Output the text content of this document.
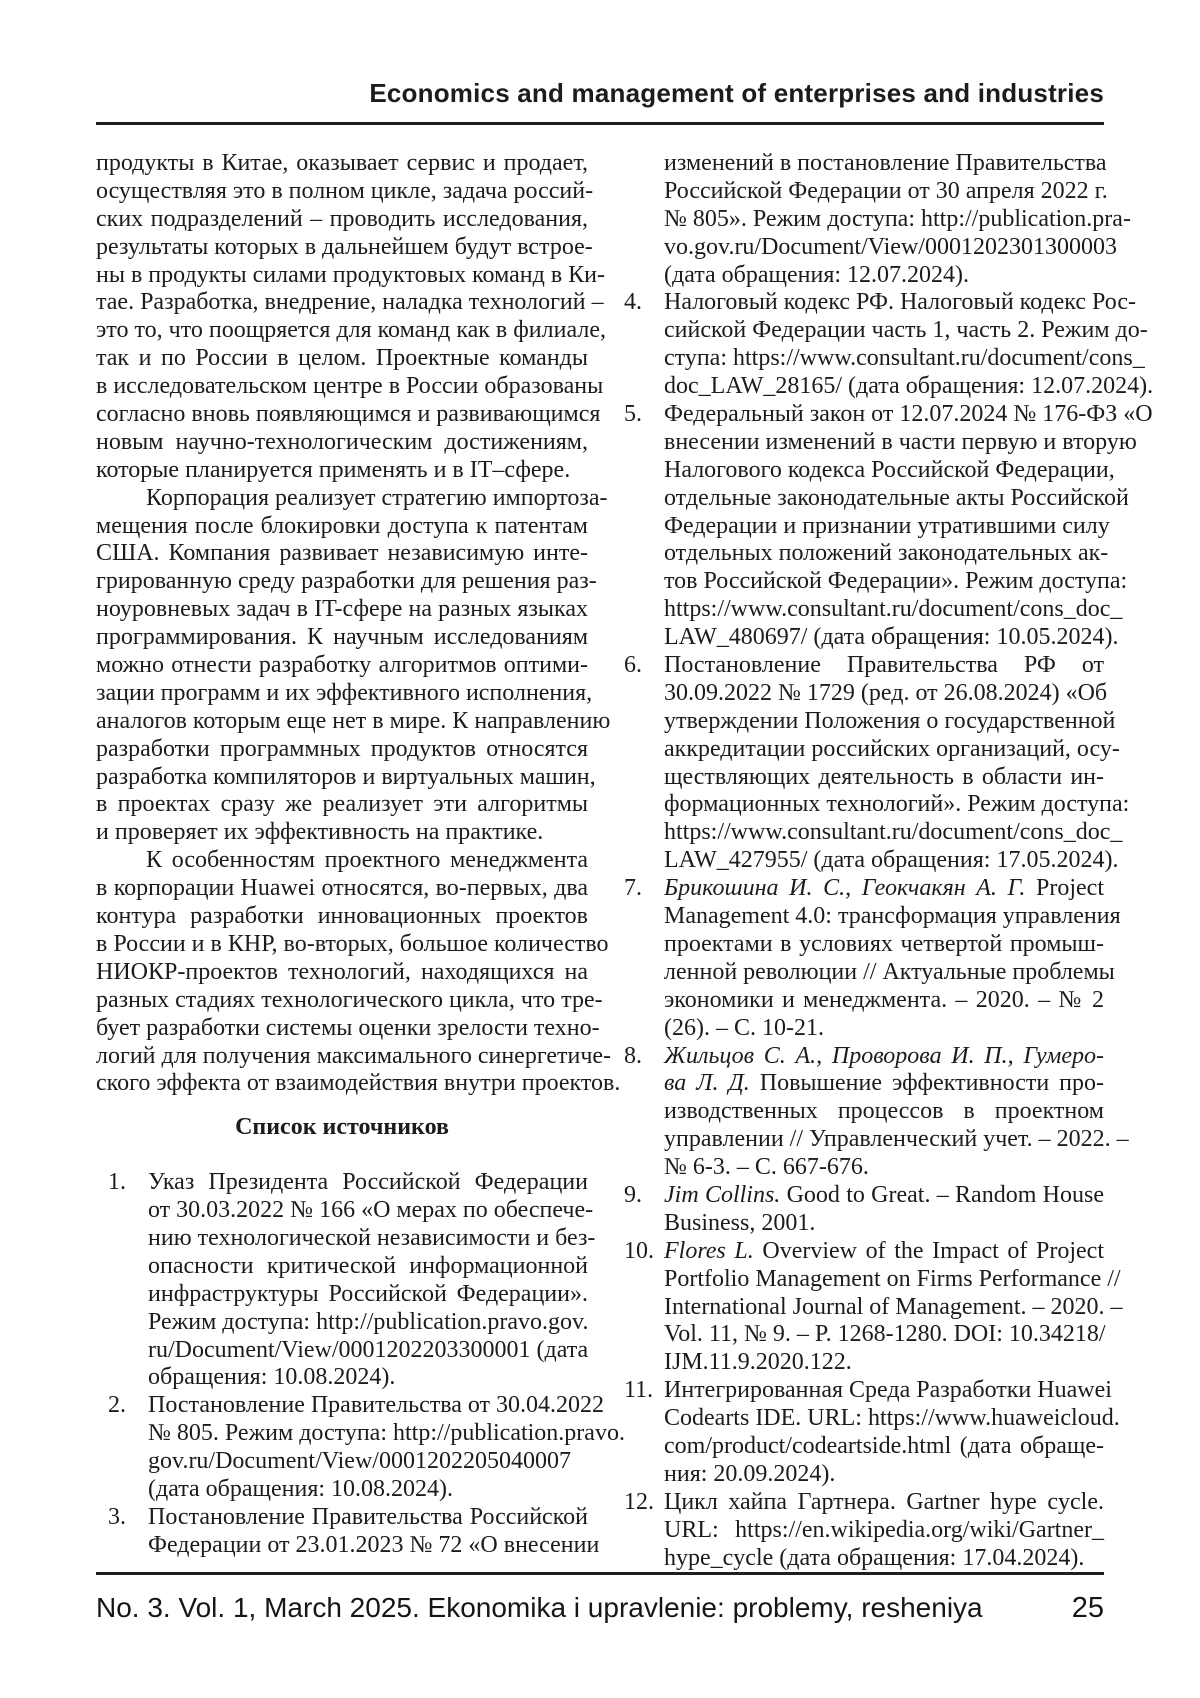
Economics and management of enterprises and industries
продукты в Китае, оказывает сервис и продает,
осуществляя это в полном цикле, задача россий-
ских подразделений – проводить исследования,
результаты которых в дальнейшем будут встрое-
ны в продукты силами продуктовых команд в Ки-
тае. Разработка, внедрение, наладка технологий –
это то, что поощряется для команд как в филиале,
так и по России в целом. Проектные команды
в исследовательском центре в России образованы
согласно вновь появляющимся и развивающимся
новым научно-технологическим достижениям,
которые планируется применять и в IT–сфере.
Корпорация реализует стратегию импортоза-
мещения после блокировки доступа к патентам
США. Компания развивает независимую инте-
грированную среду разработки для решения раз-
ноуровневых задач в IT-сфере на разных языках
программирования. К научным исследованиям
можно отнести разработку алгоритмов оптими-
зации программ и их эффективного исполнения,
аналогов которым еще нет в мире. К направлению
разработки программных продуктов относятся
разработка компиляторов и виртуальных машин,
в проектах сразу же реализует эти алгоритмы
и проверяет их эффективность на практике.
К особенностям проектного менеджмента
в корпорации Huawei относятся, во-первых, два
контура разработки инновационных проектов
в России и в КНР, во-вторых, большое количество
НИОКР-проектов технологий, находящихся на
разных стадиях технологического цикла, что тре-
бует разработки системы оценки зрелости техно-
логий для получения максимального синергетиче-
ского эффекта от взаимодействия внутри проектов.
Список источников
1. Указ Президента Российской Федерации
от 30.03.2022 № 166 «О мерах по обеспече-
нию технологической независимости и без-
опасности критической информационной
инфраструктуры Российской Федерации».
Режим доступа: http://publication.pravo.gov.
ru/Document/View/0001202203300001 (дата
обращения: 10.08.2024).
2. Постановление Правительства от 30.04.2022
№ 805. Режим доступа: http://publication.pravo.
gov.ru/Document/View/0001202205040007
(дата обращения: 10.08.2024).
3. Постановление Правительства Российской
Федерации от 23.01.2023 № 72 «О внесении
изменений в постановление Правительства
Российской Федерации от 30 апреля 2022 г.
№ 805». Режим доступа: http://publication.pra-
vo.gov.ru/Document/View/0001202301300003
(дата обращения: 12.07.2024).
4. Налоговый кодекс РФ. Налоговый кодекс Рос-
сийской Федерации часть 1, часть 2. Режим до-
ступа: https://www.consultant.ru/document/cons_
doc_LAW_28165/ (дата обращения: 12.07.2024).
5. Федеральный закон от 12.07.2024 № 176-ФЗ «О
внесении изменений в части первую и вторую
Налогового кодекса Российской Федерации,
отдельные законодательные акты Российской
Федерации и признании утратившими силу
отдельных положений законодательных ак-
тов Российской Федерации». Режим доступа:
https://www.consultant.ru/document/cons_doc_
LAW_480697/ (дата обращения: 10.05.2024).
6. Постановление Правительства РФ от
30.09.2022 № 1729 (ред. от 26.08.2024) «Об
утверждении Положения о государственной
аккредитации российских организаций, осу-
ществляющих деятельность в области ин-
формационных технологий». Режим доступа:
https://www.consultant.ru/document/cons_doc_
LAW_427955/ (дата обращения: 17.05.2024).
7. Брикошина И. С., Геокчакян А. Г. Project
Management 4.0: трансформация управления
проектами в условиях четвертой промыш-
ленной революции // Актуальные проблемы
экономики и менеджмента. – 2020. – № 2
(26). – С. 10-21.
8. Жильцов С. А., Проворова И. П., Гумеро-
ва Л. Д. Повышение эффективности про-
изводственных процессов в проектном
управлении // Управленческий учет. – 2022. –
№ 6-3. – С. 667-676.
9. Jim Collins. Good to Great. – Random House
Business, 2001.
10. Flores L. Overview of the Impact of Project
Portfolio Management on Firms Performance //
International Journal of Management. – 2020. –
Vol. 11, № 9. – P. 1268-1280. DOI: 10.34218/
IJM.11.9.2020.122.
11. Интегрированная Среда Разработки Huawei
Codearts IDE. URL: https://www.huaweicloud.
com/product/codeartside.html (дата обраще-
ния: 20.09.2024).
12. Цикл хайпа Гартнера. Gartner hype cycle.
URL: https://en.wikipedia.org/wiki/Gartner_
hype_cycle (дата обращения: 17.04.2024).
No. 3. Vol. 1, March 2025. Ekonomika i upravlenie: problemy, resheniya	25
